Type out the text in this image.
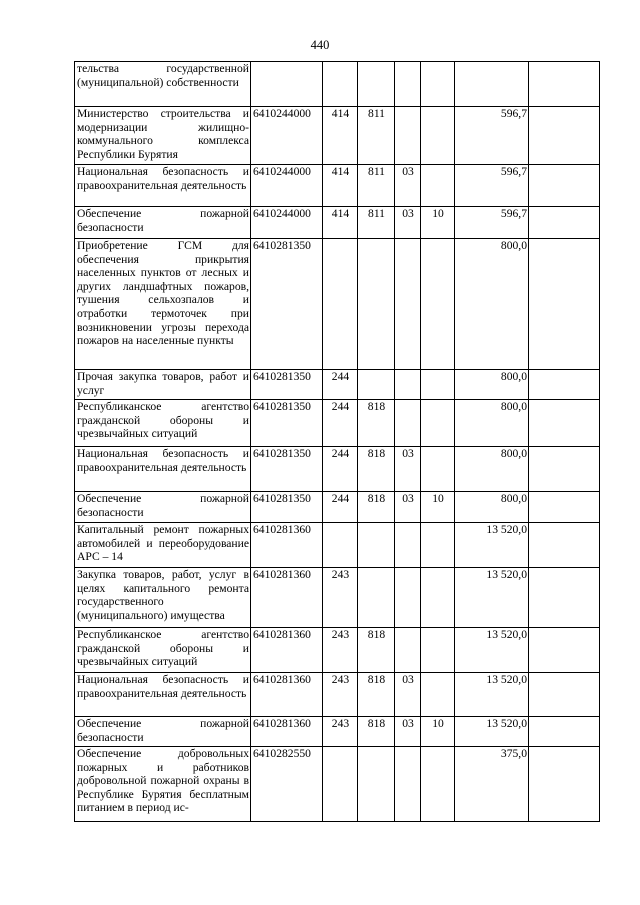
440
тельства государственной (муниципальной) собственности							
Министерство строительства и модернизации жилищно-коммунального комплекса Республики Бурятия	6410244000	414	811			596,7	
Национальная безопасность и правоохранительная деятельность	6410244000	414	811	03		596,7	
Обеспечение пожарной безопасности	6410244000	414	811	03	10	596,7	
Приобретение ГСМ для обеспечения прикрытия населенных пунктов от лесных и других ландшафтных пожаров, тушения сельхозпалов и отработки термоточек при возникновении угрозы перехода пожаров на населенные пункты	6410281350					800,0	
Прочая закупка товаров, работ и услуг	6410281350	244				800,0	
Республиканское агентство гражданской обороны и чрезвычайных ситуаций	6410281350	244	818			800,0	
Национальная безопасность и правоохранительная деятельность	6410281350	244	818	03		800,0	
Обеспечение пожарной безопасности	6410281350	244	818	03	10	800,0	
Капитальный ремонт пожарных автомобилей и переоборудование АРС – 14	6410281360					13 520,0	
Закупка товаров, работ, услуг в целях капитального ремонта государственного (муниципального) имущества	6410281360	243				13 520,0	
Республиканское агентство гражданской обороны и чрезвычайных ситуаций	6410281360	243	818			13 520,0	
Национальная безопасность и правоохранительная деятельность	6410281360	243	818	03		13 520,0	
Обеспечение пожарной безопасности	6410281360	243	818	03	10	13 520,0	
Обеспечение добровольных пожарных и работников добровольной пожарной охраны в Республике Бурятия бесплатным питанием в период ис-	6410282550					375,0	
